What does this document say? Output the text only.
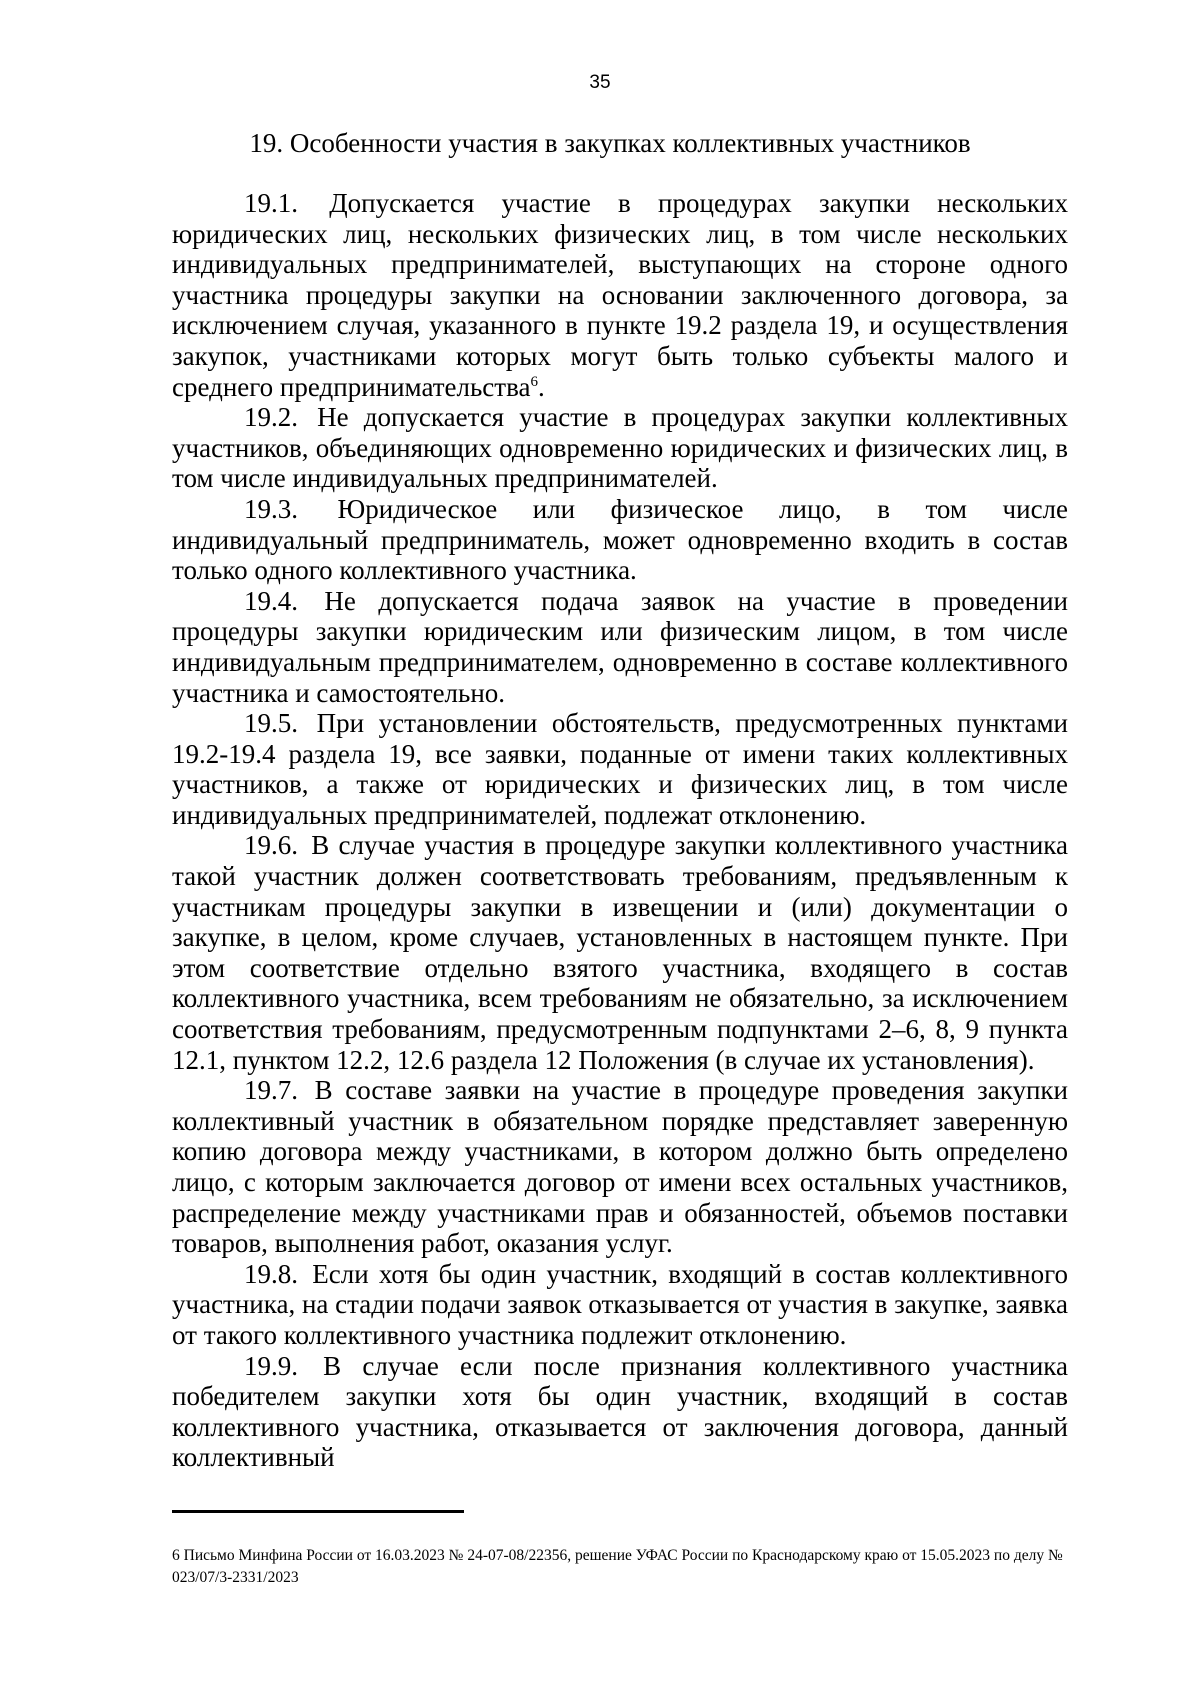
35
19. Особенности участия в закупках коллективных участников

19.1. Допускается участие в процедурах закупки нескольких юридических лиц, нескольких физических лиц, в том числе нескольких индивидуальных предпринимателей, выступающих на стороне одного участника процедуры закупки на основании заключенного договора, за исключением случая, указанного в пункте 19.2 раздела 19, и осуществления закупок, участниками которых могут быть только субъекты малого и среднего предпринимательства$^6$.

19.2. Не допускается участие в процедурах закупки коллективных участников, объединяющих одновременно юридических и физических лиц, в том числе индивидуальных предпринимателей.

19.3. Юридическое или физическое лицо, в том числе индивидуальный предприниматель, может одновременно входить в состав только одного коллективного участника.

19.4. Не допускается подача заявок на участие в проведении процедуры закупки юридическим или физическим лицом, в том числе индивидуальным предпринимателем, одновременно в составе коллективного участника и самостоятельно.

19.5. При установлении обстоятельств, предусмотренных пунктами 19.2-19.4 раздела 19, все заявки, поданные от имени таких коллективных участников, а также от юридических и физических лиц, в том числе индивидуальных предпринимателей, подлежат отклонению.

19.6. В случае участия в процедуре закупки коллективного участника такой участник должен соответствовать требованиям, предъявленным к участникам процедуры закупки в извещении и (или) документации о закупке, в целом, кроме случаев, установленных в настоящем пункте. При этом соответствие отдельно взятого участника, входящего в состав коллективного участника, всем требованиям не обязательно, за исключением соответствия требованиям, предусмотренным подпунктами 2–6, 8, 9 пункта 12.1, пунктом 12.2, 12.6 раздела 12 Положения (в случае их установления).

19.7. В составе заявки на участие в процедуре проведения закупки коллективный участник в обязательном порядке представляет заверенную копию договора между участниками, в котором должно быть определено лицо, с которым заключается договор от имени всех остальных участников, распределение между участниками прав и обязанностей, объемов поставки товаров, выполнения работ, оказания услуг.

19.8. Если хотя бы один участник, входящий в состав коллективного участника, на стадии подачи заявок отказывается от участия в закупке, заявка от такого коллективного участника подлежит отклонению.

19.9. В случае если после признания коллективного участника победителем закупки хотя бы один участник, входящий в состав коллективного участника, отказывается от заключения договора, данный коллективный

6 Письмо Минфина России от 16.03.2023 № 24-07-08/22356, решение УФАС России по Краснодарскому краю от 15.05.2023 по делу № 023/07/3-2331/2023
